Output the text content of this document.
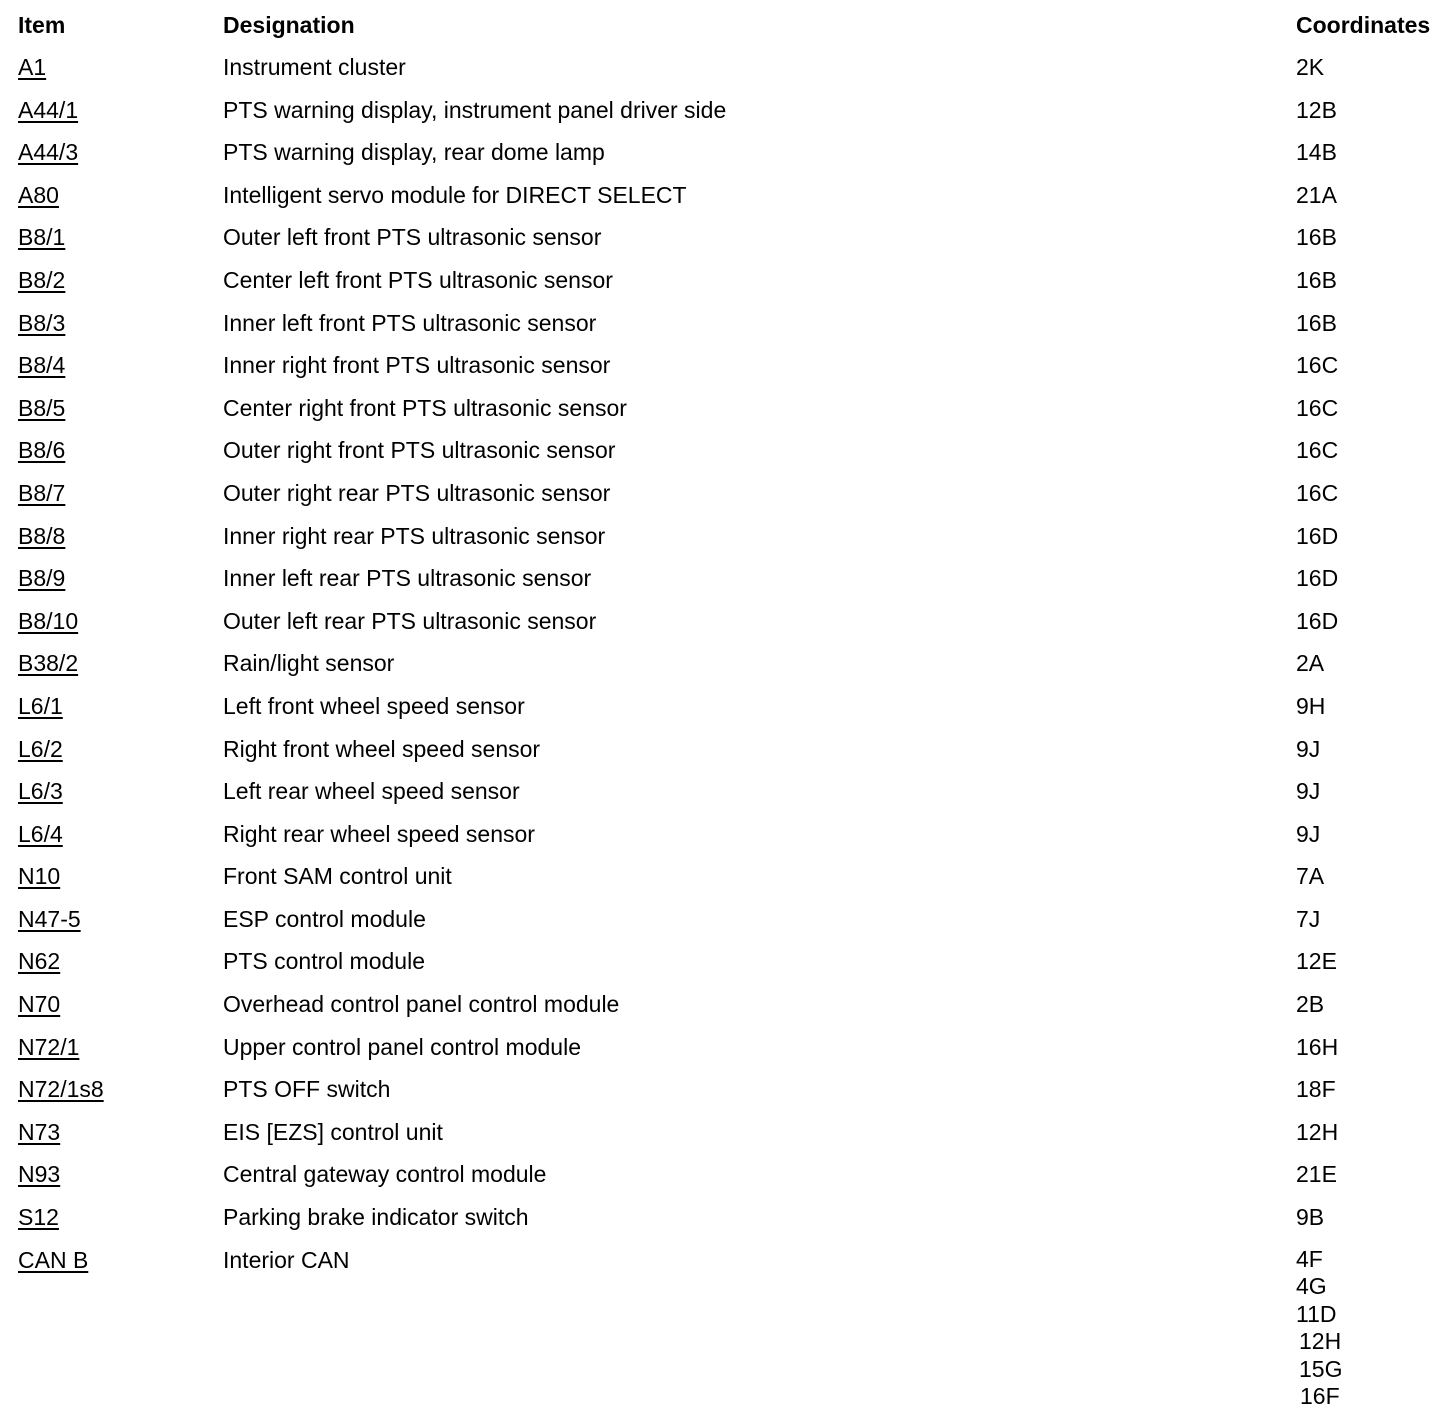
Item	Designation	Coordinates
A1	Instrument cluster	2K
A44/1	PTS warning display, instrument panel driver side	12B
A44/3	PTS warning display, rear dome lamp	14B
A80	Intelligent servo module for DIRECT SELECT	21A
B8/1	Outer left front PTS ultrasonic sensor	16B
B8/2	Center left front PTS ultrasonic sensor	16B
B8/3	Inner left front PTS ultrasonic sensor	16B
B8/4	Inner right front PTS ultrasonic sensor	16C
B8/5	Center right front PTS ultrasonic sensor	16C
B8/6	Outer right front PTS ultrasonic sensor	16C
B8/7	Outer right rear PTS ultrasonic sensor	16C
B8/8	Inner right rear PTS ultrasonic sensor	16D
B8/9	Inner left rear PTS ultrasonic sensor	16D
B8/10	Outer left rear PTS ultrasonic sensor	16D
B38/2	Rain/light sensor	2A
L6/1	Left front wheel speed sensor	9H
L6/2	Right front wheel speed sensor	9J
L6/3	Left rear wheel speed sensor	9J
L6/4	Right rear wheel speed sensor	9J
N10	Front SAM control unit	7A
N47-5	ESP control module	7J
N62	PTS control module	12E
N70	Overhead control panel control module	2B
N72/1	Upper control panel control module	16H
N72/1s8	PTS OFF switch	18F
N73	EIS [EZS] control unit	12H
N93	Central gateway control module	21E
S12	Parking brake indicator switch	9B
CAN B	Interior CAN	4F
4G
11D
12H
15G
16F
